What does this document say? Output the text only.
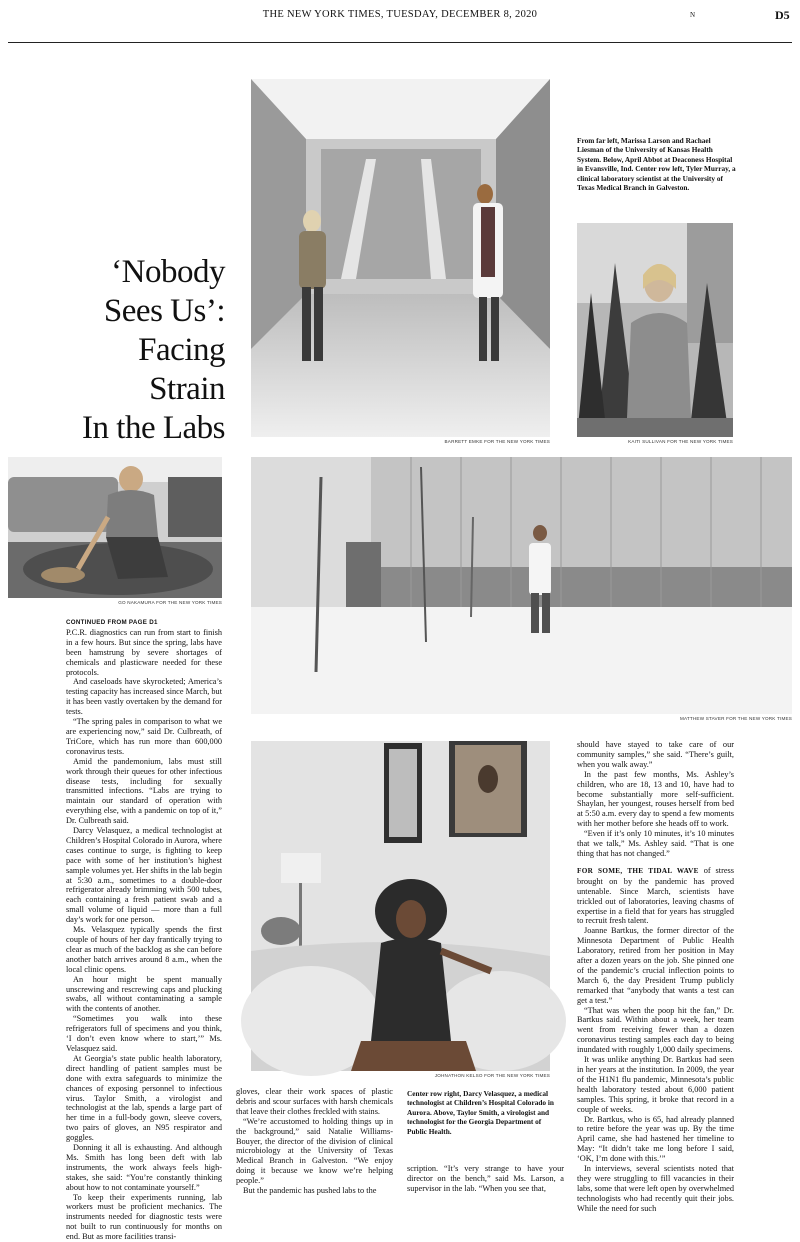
THE NEW YORK TIMES, TUESDAY, DECEMBER 8, 2020	N	D5
‘Nobody
Sees Us’:
Facing
Strain
In the Labs	BARRETT EMKE FOR THE NEW YORK TIMES
From far left, Marissa Larson and Rachael Liesman of the University of Kansas Health System. Below, April Abbot at Deaconess Hospital in Evansville, Ind. Center row left, Tyler Murray, a clinical laboratory scientist at the University of Texas Medical Branch in Galveston.
KAITI SULLIVAN FOR THE NEW YORK TIMES
GO NAKAMURA FOR THE NEW YORK TIMES
MATTHEW STAVER FOR THE NEW YORK TIMES
JOHNATHON KELSO FOR THE NEW YORK TIMES
CONTINUED FROM PAGE D1

P.C.R. diagnostics can run from start to finish in a few hours. But since the spring, labs have been hamstrung by severe shortages of chemicals and plasticware needed for these protocols.

And caseloads have skyrocketed; America’s testing capacity has increased since March, but it has been vastly overtaken by the demand for tests.

“The spring pales in comparison to what we are experiencing now,” said Dr. Culbreath, of TriCore, which has run more than 600,000 coronavirus tests.

Amid the pandemonium, labs must still work through their queues for other infectious disease tests, including for sexually transmitted infections. “Labs are trying to maintain our standard of operation with everything else, with a pandemic on top of it,” Dr. Culbreath said.

Darcy Velasquez, a medical technologist at Children’s Hospital Colorado in Aurora, where cases continue to surge, is fighting to keep pace with some of her institution’s highest sample volumes yet. Her shifts in the lab begin at 5:30 a.m., sometimes to a double-door refrigerator already brimming with 500 tubes, each containing a fresh patient swab and a small volume of liquid — more than a full day’s work for one person.

Ms. Velasquez typically spends the first couple of hours of her day frantically trying to clear as much of the backlog as she can before another batch arrives around 8 a.m., when the local clinic opens.

An hour might be spent manually unscrewing and rescrewing caps and plucking swabs, all without contaminating a sample with the contents of another.

“Sometimes you walk into these refrigerators full of specimens and you think, ‘I don’t even know where to start,’” Ms. Velasquez said.

At Georgia’s state public health laboratory, direct handling of patient samples must be done with extra safeguards to minimize the chances of exposing personnel to infectious virus. Taylor Smith, a virologist and technologist at the lab, spends a large part of her time in a full-body gown, sleeve covers, two pairs of gloves, an N95 respirator and goggles.

Donning it all is exhausting. And although Ms. Smith has long been deft with lab instruments, the work always feels high-stakes, she said: “You’re constantly thinking about how to not contaminate yourself.”

To keep their experiments running, lab workers must be proficient mechanics. The instruments needed for diagnostic tests were not built to run continuously for months on end. But as more facilities transi-

gloves, clear their work spaces of plastic debris and scour surfaces with harsh chemicals that leave their clothes freckled with stains.

“We’re accustomed to holding things up in the background,” said Natalie Williams-Bouyer, the director of the division of clinical microbiology at the University of Texas Medical Branch in Galveston. “We enjoy doing it because we know we’re helping people.”

But the pandemic has pushed labs to the

Center row right, Darcy Velasquez, a medical technologist at Children’s Hospital Colorado in Aurora. Above, Taylor Smith, a virologist and technologist for the Georgia Department of Public Health.

scription. “It’s very strange to have your director on the bench,” said Ms. Larson, a supervisor in the lab. “When you see that,

should have stayed to take care of our community samples,” she said. “There’s guilt, when you walk away.”

In the past few months, Ms. Ashley’s children, who are 18, 13 and 10, have had to become substantially more self-sufficient. Shaylan, her youngest, rouses herself from bed at 5:50 a.m. every day to spend a few moments with her mother before she heads off to work.

“Even if it’s only 10 minutes, it’s 10 minutes that we talk,” Ms. Ashley said. “That is one thing that has not changed.”

FOR SOME, THE TIDAL WAVE of stress brought on by the pandemic has proved untenable. Since March, scientists have trickled out of laboratories, leaving chasms of expertise in a field that for years has struggled to recruit fresh talent.

Joanne Bartkus, the former director of the Minnesota Department of Public Health Laboratory, retired from her position in May after a dozen years on the job. She pinned one of the pandemic’s crucial inflection points to March 6, the day President Trump publicly remarked that “anybody that wants a test can get a test.”

“That was when the poop hit the fan,” Dr. Bartkus said. Within about a week, her team went from receiving fewer than a dozen coronavirus testing samples each day to being inundated with roughly 1,000 daily specimens.

It was unlike anything Dr. Bartkus had seen in her years at the institution. In 2009, the year of the H1N1 flu pandemic, Minnesota’s public health laboratory tested about 6,000 patient samples. This spring, it broke that record in a couple of weeks.

Dr. Bartkus, who is 65, had already planned to retire before the year was up. By the time April came, she had hastened her timeline to May: “It didn’t take me long before I said, ‘OK, I’m done with this.’”

In interviews, several scientists noted that they were struggling to fill vacancies in their labs, some that were left open by overwhelmed technologists who had recently quit their jobs. While the need for such
